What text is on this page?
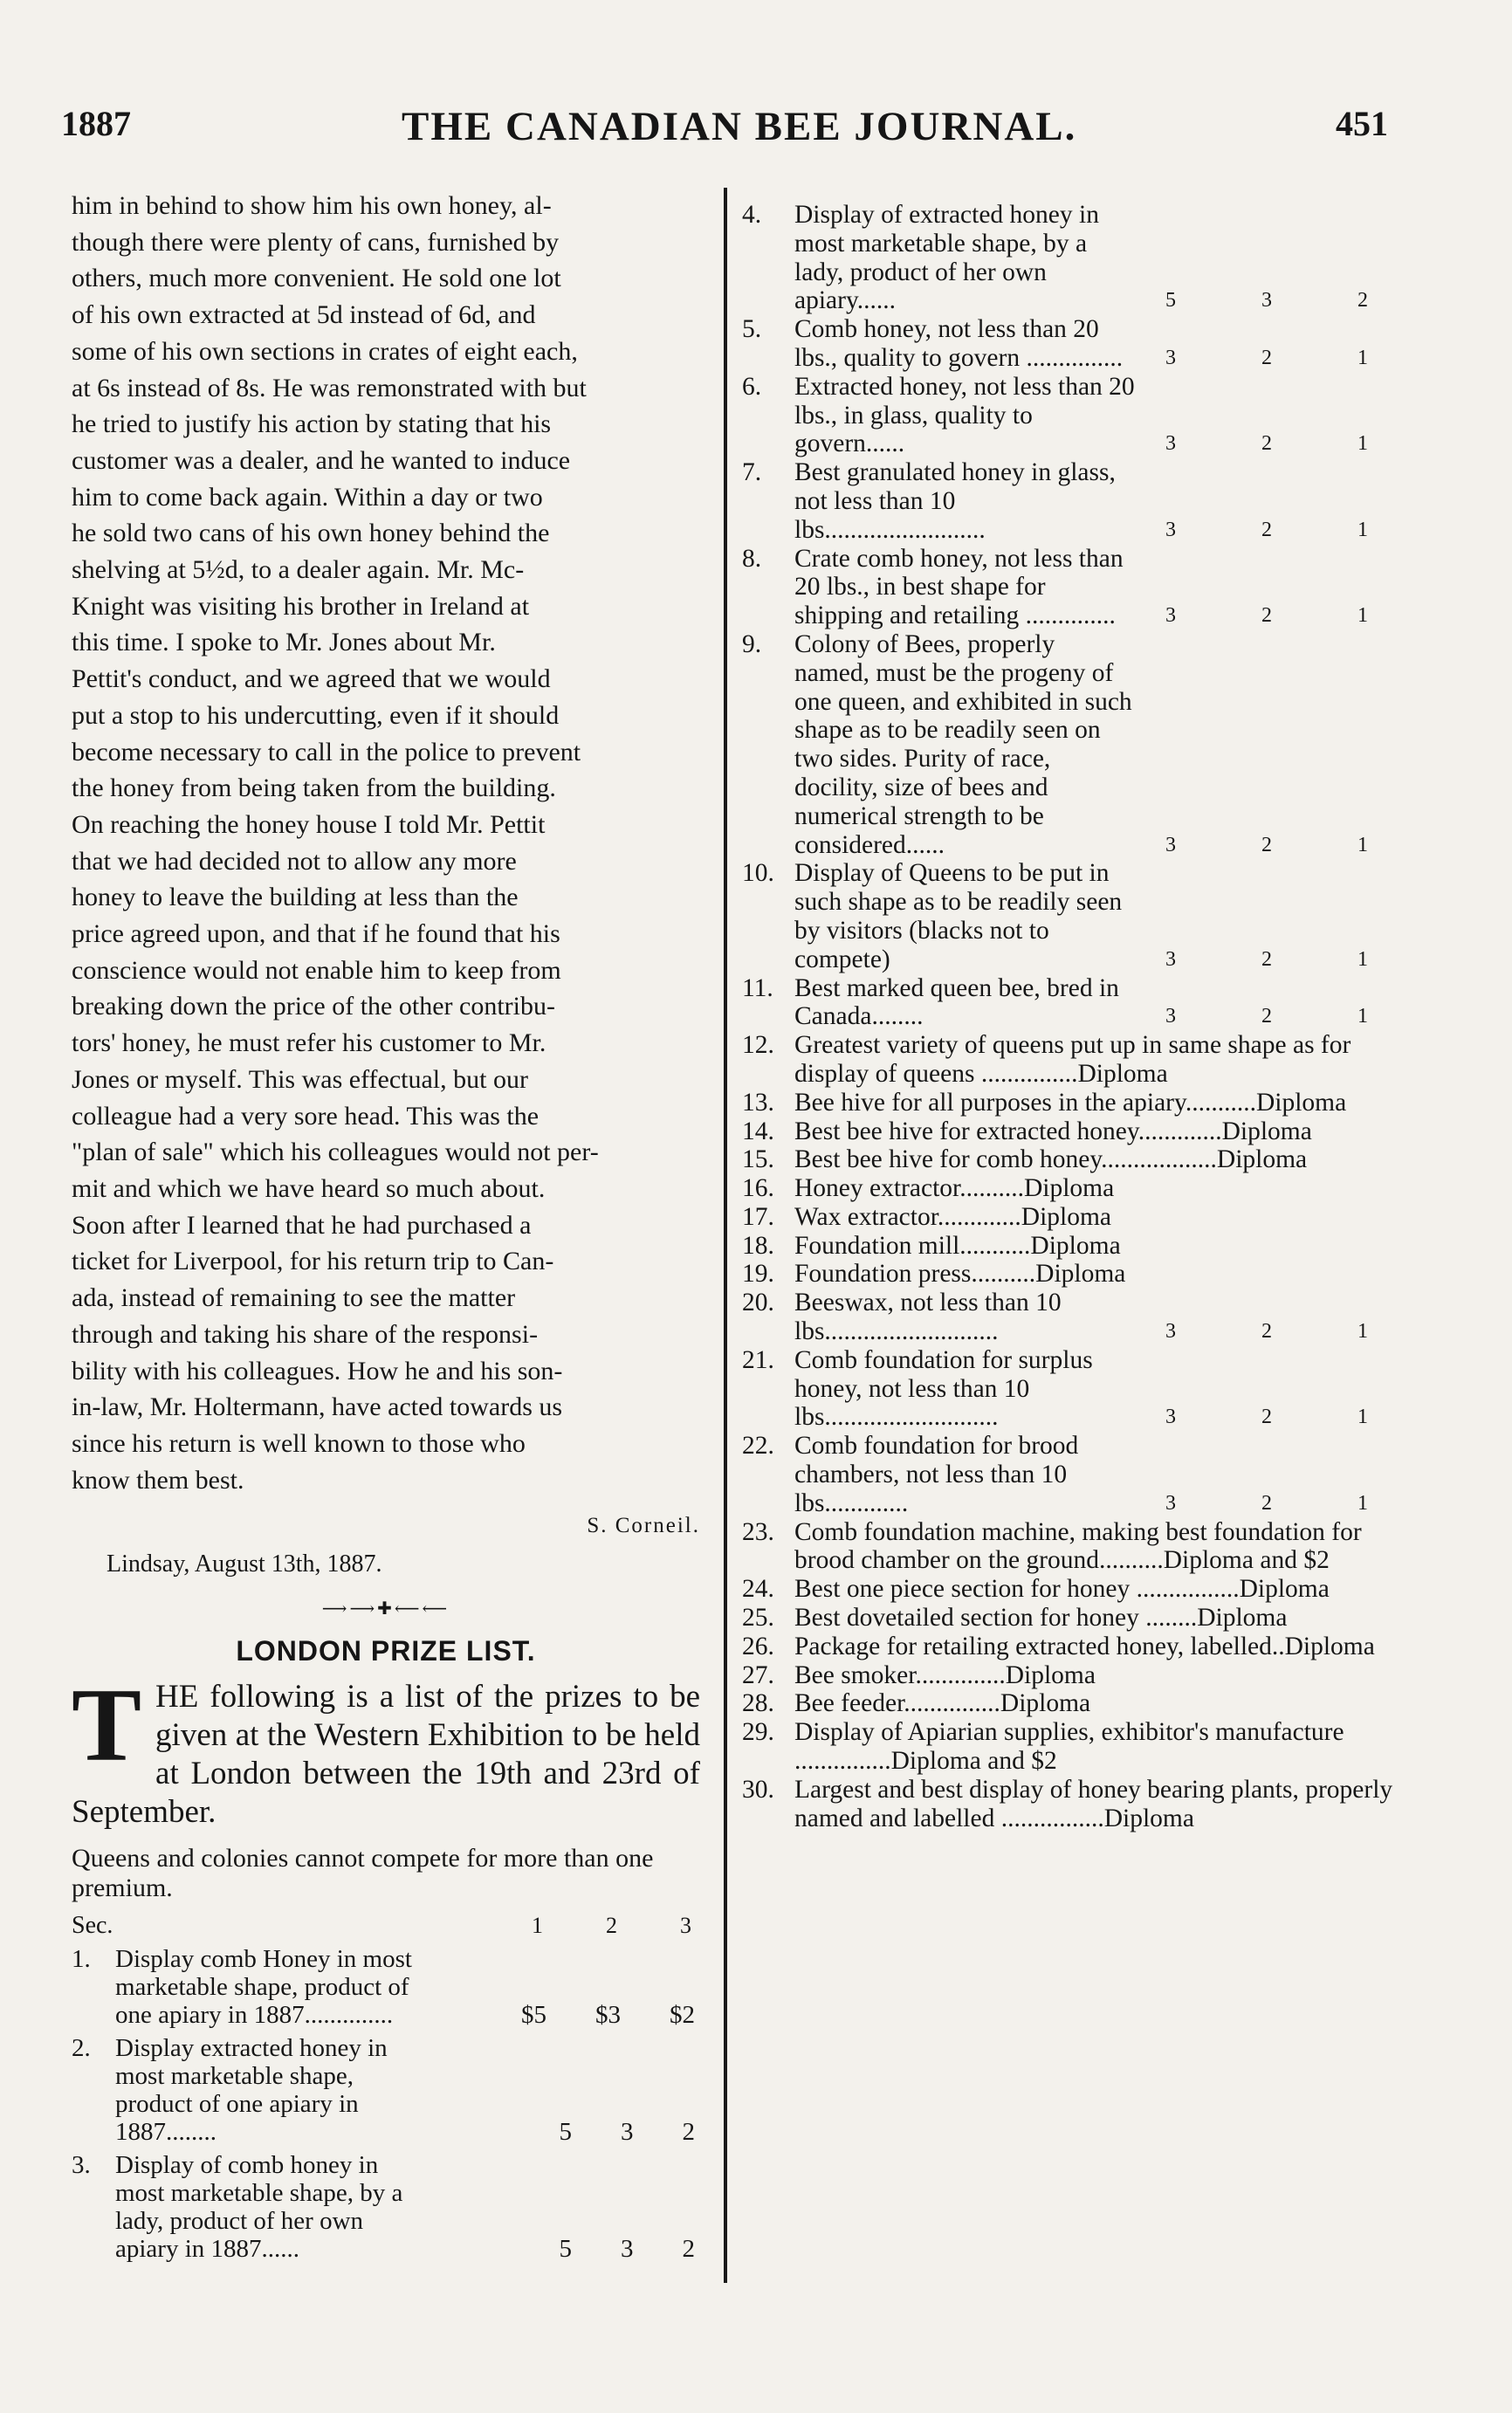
1887	THE CANADIAN BEE JOURNAL.	451

him in behind to show him his own honey, al-

though there were plenty of cans, furnished by

others, much more convenient. He sold one lot

of his own extracted at 5d instead of 6d, and

some of his own sections in crates of eight each,

at 6s instead of 8s. He was remonstrated with but

he tried to justify his action by stating that his

customer was a dealer, and he wanted to induce

him to come back again. Within a day or two

he sold two cans of his own honey behind the

shelving at 5½d, to a dealer again. Mr. Mc-

Knight was visiting his brother in Ireland at

this time. I spoke to Mr. Jones about Mr.

Pettit's conduct, and we agreed that we would

put a stop to his undercutting, even if it should

become necessary to call in the police to prevent

the honey from being taken from the building.

On reaching the honey house I told Mr. Pettit

that we had decided not to allow any more

honey to leave the building at less than the

price agreed upon, and that if he found that his

conscience would not enable him to keep from

breaking down the price of the other contribu-

tors' honey, he must refer his customer to Mr.

Jones or myself. This was effectual, but our

colleague had a very sore head. This was the

"plan of sale" which his colleagues would not per-

mit and which we have heard so much about.

Soon after I learned that he had purchased a

ticket for Liverpool, for his return trip to Can-

ada, instead of remaining to see the matter

through and taking his share of the responsi-

bility with his colleagues. How he and his son-

in-law, Mr. Holtermann, have acted towards us

since his return is well known to those who

know them best.

S. Corneil.

Lindsay, August 13th, 1887.

⟶⟶✚⟵⟵
LONDON PRIZE LIST.
THE following is a list of the prizes to be given at the Western Exhibition to be held at London between the 19th and 23rd of September.

Queens and colonies cannot compete for more than one premium.

Sec.	1	2	3
1. Display comb Honey in most marketable shape, product of one apiary in 1887..............	$5 $3 $2
2. Display extracted honey in most marketable shape, product of one apiary in 1887........	5 3 2
3. Display of comb honey in most marketable shape, by a lady, product of her own apiary in 1887......	5 3 2
4.	Display of extracted honey in most marketable shape, by a lady, product of her own apiary......	5	3	2
5.	Comb honey, not less than 20 lbs., quality to govern ...............	3	2	1
6.	Extracted honey, not less than 20 lbs., in glass, quality to govern......	3	2	1
7.	Best granulated honey in glass, not less than 10 lbs.........................	3	2	1
8.	Crate comb honey, not less than 20 lbs., in best shape for shipping and retailing ..............	3	2	1
9.	Colony of Bees, properly named, must be the progeny of one queen, and exhibited in such shape as to be readily seen on two sides. Purity of race, docility, size of bees and numerical strength to be considered......	3	2	1
10. Display of Queens to be put in such shape as to be readily seen by visitors (blacks not to compete)	3	2	1
11. Best marked queen bee, bred in Canada........	3	2	1
12. Greatest variety of queens put up in same shape as for display of queens ...............Diploma
13. Bee hive for all purposes in the apiary...........Diploma
14. Best bee hive for extracted honey.............Diploma
15. Best bee hive for comb honey..................Diploma
16. Honey extractor..........Diploma
17. Wax extractor.............Diploma
18. Foundation mill...........Diploma
19. Foundation press..........Diploma
20. Beeswax, not less than 10 lbs...........................	3	2	1
21. Comb foundation for surplus honey, not less than 10 lbs...........................	3	2	1
22. Comb foundation for brood chambers, not less than 10 lbs.............	3	2	1
23. Comb foundation machine, making best foundation for brood chamber on the ground..........Diploma and $2
24. Best one piece section for honey ................Diploma
25. Best dovetailed section for honey ........Diploma
26. Package for retailing extracted honey, labelled..Diploma
27. Bee smoker..............Diploma
28. Bee feeder...............Diploma
29. Display of Apiarian supplies, exhibitor's manufacture ...............Diploma and $2
30. Largest and best display of honey bearing plants, properly named and labelled ................Diploma
